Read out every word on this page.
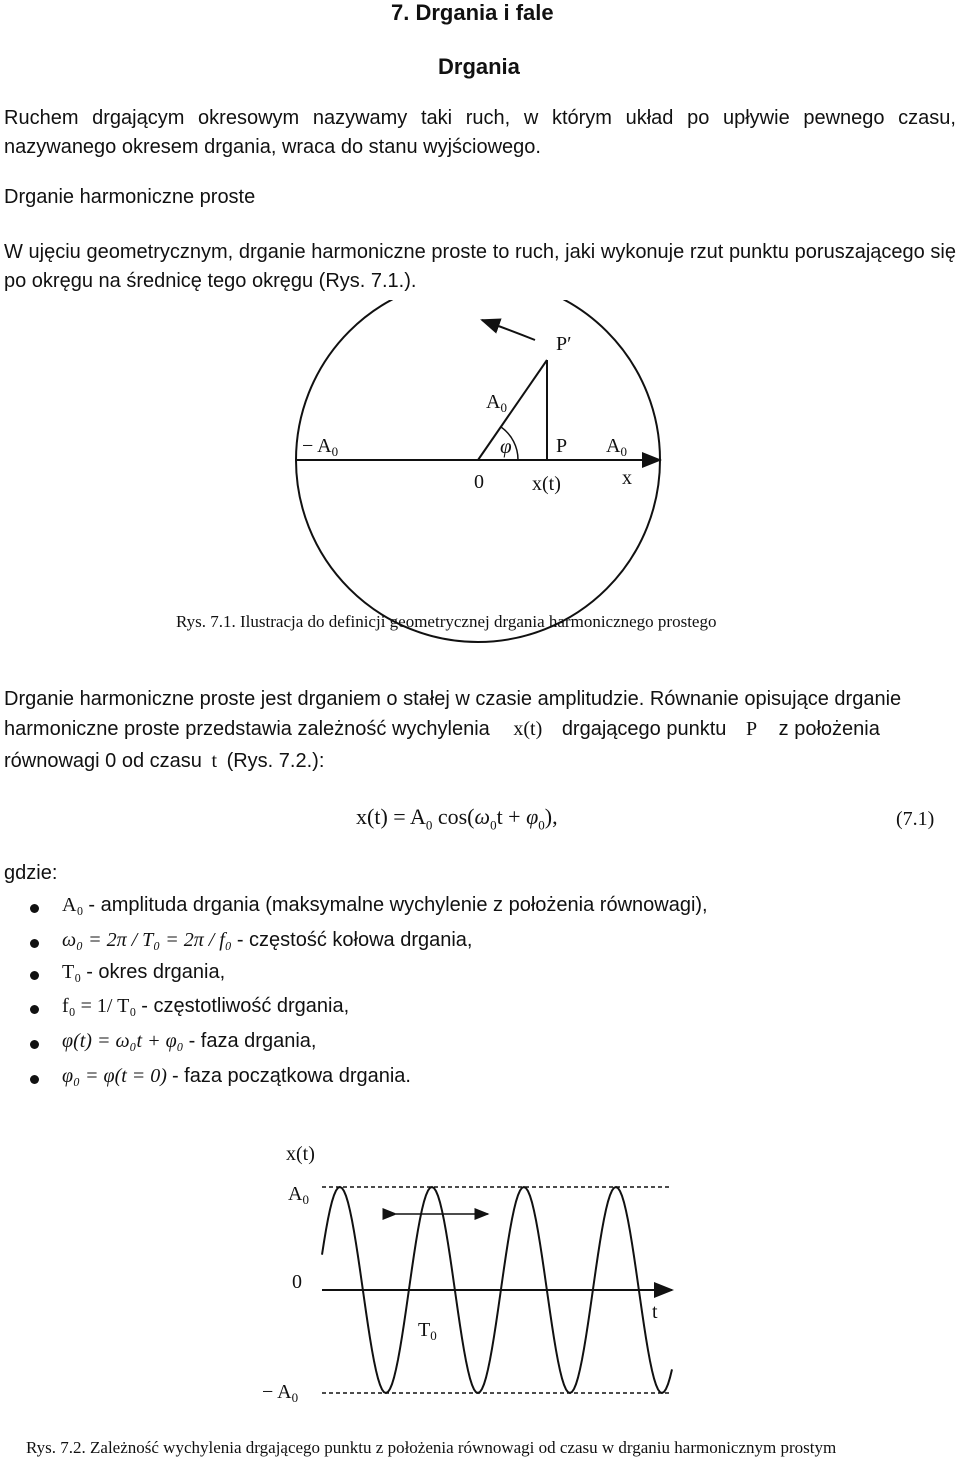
7. Drgania i fale
Drgania
Ruchem drgającym okresowym nazywamy taki ruch, w którym układ po upływie pewnego czasu, nazywanego okresem drgania, wraca do stanu wyjściowego.
Drganie harmoniczne proste
W ujęciu geometrycznym, drganie harmoniczne proste to ruch, jaki wykonuje rzut punktu poruszającego się po okręgu na średnicę tego okręgu (Rys. 7.1.).
P′
$A_0$
− $A_0$	φ P $A_0$
0 x(t)	x
Rys. 7.1. Ilustracja do definicji geometrycznej drgania harmonicznego prostego
Drganie harmoniczne proste jest drganiem o stałej w czasie amplitudzie. Równanie opisujące drganie
harmoniczne proste przedstawia zależność wychylenia x(t) drgającego punktu P z położenia
równowagi 0 od czasu t (Rys. 7.2.):
$x(t) = A_0$ $\cos(\omega_0t + \varphi_0)$,	(7.1)
gdzie:
A₀ - amplituda drgania (maksymalne wychylenie z położenia równowagi),
ω₀ = 2π / T₀ = 2π / f₀ - częstość kołowa drgania,
T₀ - okres drgania,
f₀ = 1/ T₀ - częstotliwość drgania,
φ(t) = ω₀t + φ₀ - faza drgania,
φ₀ = φ(t = 0) - faza początkowa drgania.
x(t)
$A_0$
0
t
$T_0$
− $A_0$
Rys. 7.2. Zależność wychylenia drgającego punktu z położenia równowagi od czasu w drganiu harmonicznym prostym
